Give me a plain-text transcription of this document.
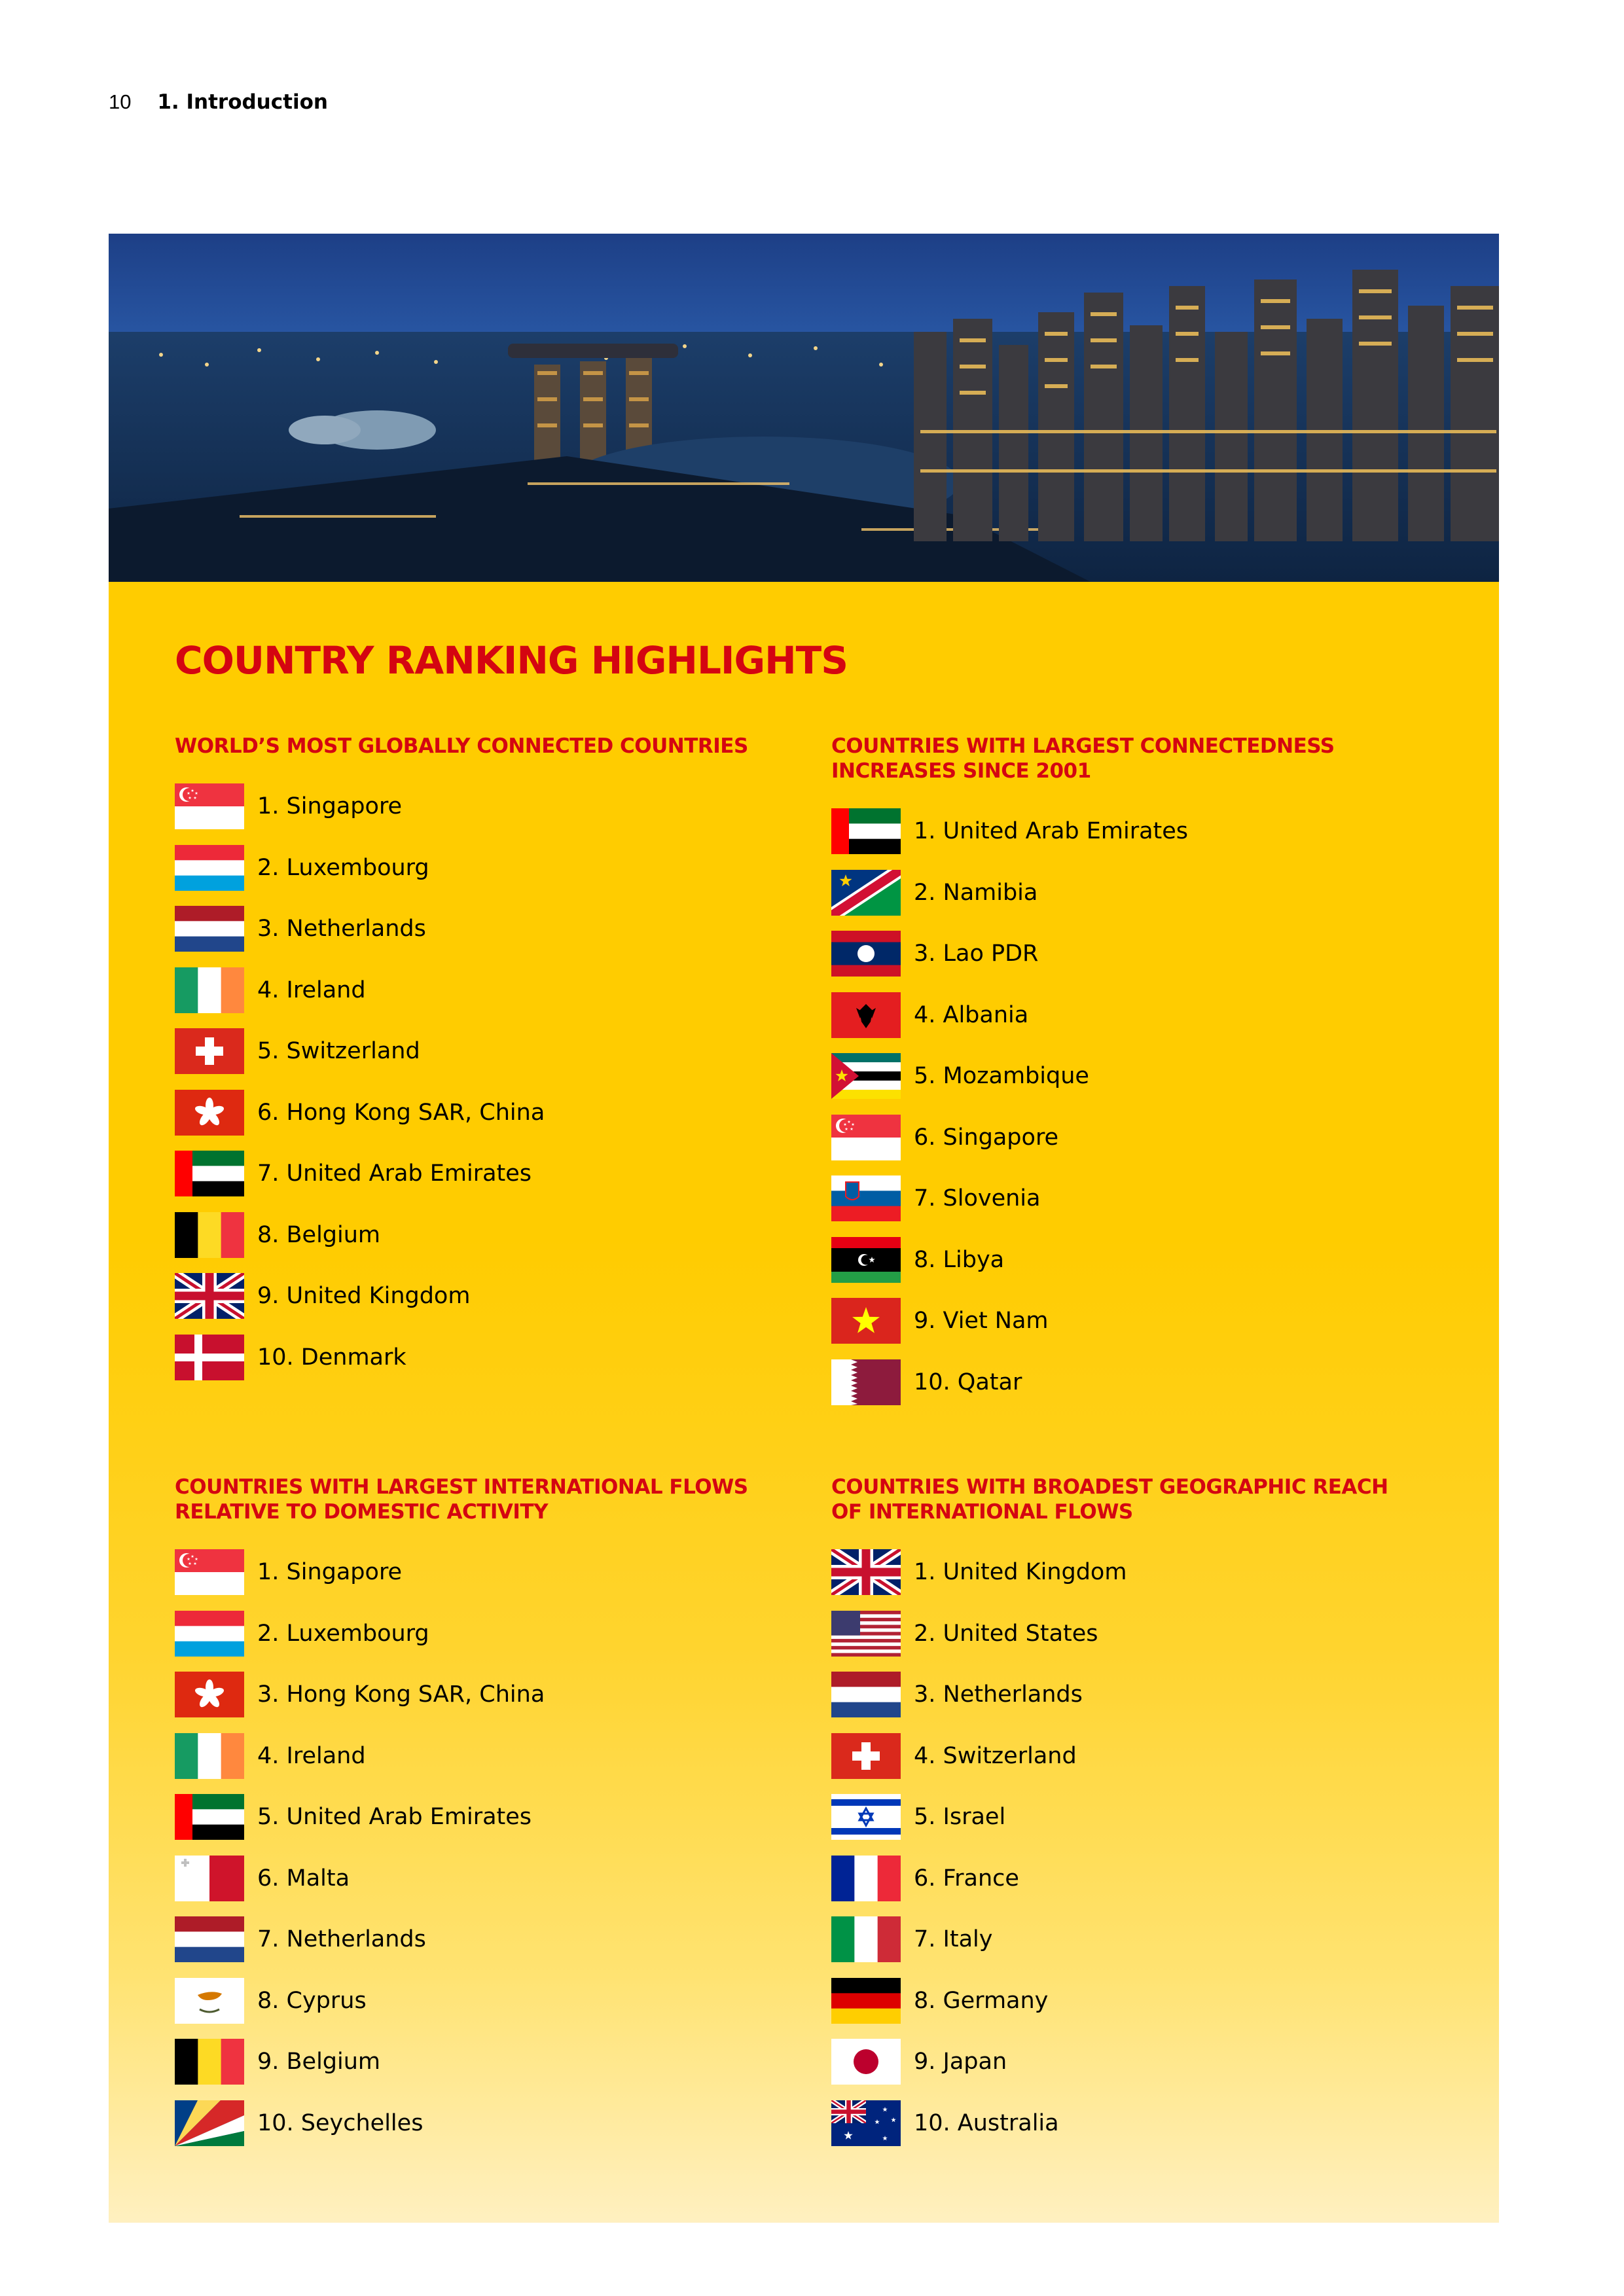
10 1. Introduction
COUNTRY RANKING HIGHLIGHTS
WORLD’S MOST GLOBALLY CONNECTED COUNTRIES
1. Singapore
2. Luxembourg
3. Netherlands
4. Ireland
5. Switzerland
6. Hong Kong SAR, China
7. United Arab Emirates
8. Belgium
9. United Kingdom
10. Denmark
COUNTRIES WITH LARGEST CONNECTEDNESS INCREASES SINCE 2001
1. United Arab Emirates
2. Namibia
3. Lao PDR
4. Albania
5. Mozambique
6. Singapore
7. Slovenia
8. Libya
9. Viet Nam
10. Qatar
COUNTRIES WITH LARGEST INTERNATIONAL FLOWS RELATIVE TO DOMESTIC ACTIVITY
1. Singapore
2. Luxembourg
3. Hong Kong SAR, China
4. Ireland
5. United Arab Emirates
6. Malta
7. Netherlands
8. Cyprus
9. Belgium
10. Seychelles
COUNTRIES WITH BROADEST GEOGRAPHIC REACH OF INTERNATIONAL FLOWS
1. United Kingdom
2. United States
3. Netherlands
4. Switzerland
5. Israel
6. France
7. Italy
8. Germany
9. Japan
10. Australia
